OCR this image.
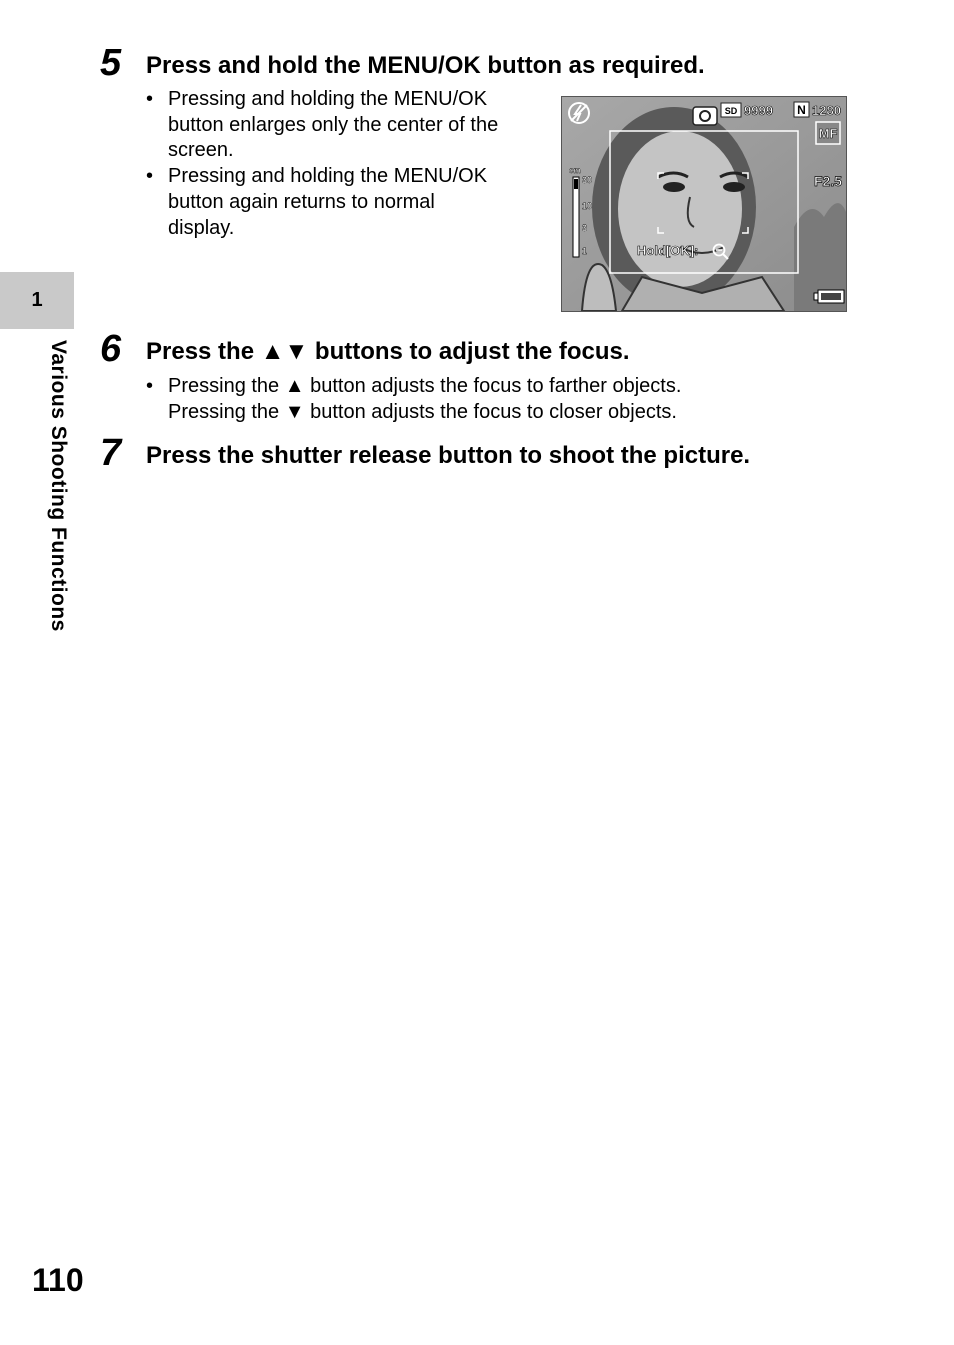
1
Various Shooting Functions
5 Press and hold the MENU/OK button as required.
• Pressing and holding the MENU/OK
button enlarges only the center of the
screen.
• Pressing and holding the MENU/OK
button again returns to normal
display.
SD 9999 N 1280
MF
F2.5
cm
30
10
3
1	Hold[OK]:
6 Press the ▲▼ buttons to adjust the focus.
• Pressing the ▲ button adjusts the focus to farther objects.
Pressing the ▼ button adjusts the focus to closer objects.
7 Press the shutter release button to shoot the picture.
110
